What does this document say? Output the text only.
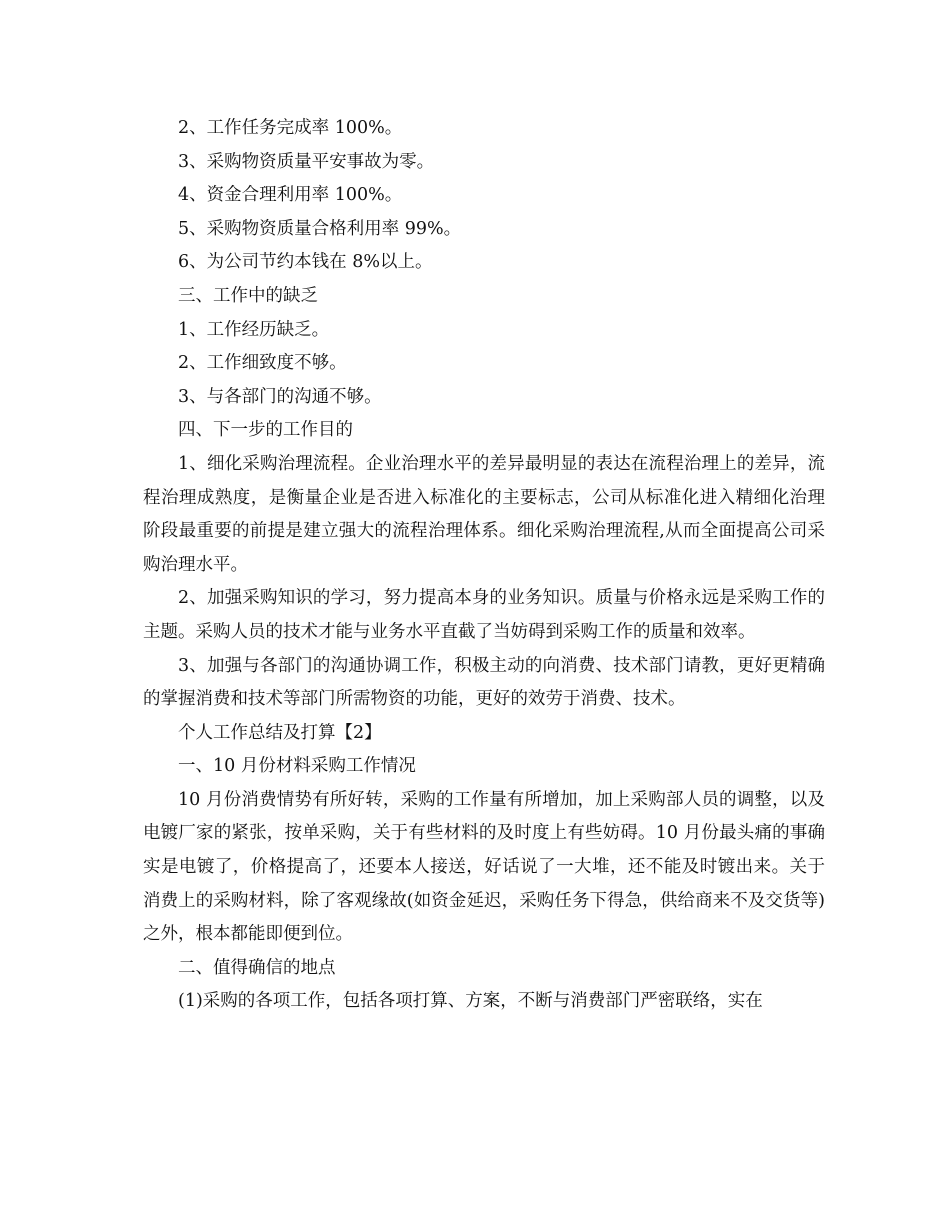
2、工作任务完成率 100%。

3、采购物资质量平安事故为零。

4、资金合理利用率 100%。

5、采购物资质量合格利用率 99%。

6、为公司节约本钱在 8%以上。

三、工作中的缺乏

1、工作经历缺乏。

2、工作细致度不够。

3、与各部门的沟通不够。

四、下一步的工作目的

1、细化采购治理流程。企业治理水平的差异最明显的表达在流程治理上的差异，流程治理成熟度，是衡量企业是否进入标准化的主要标志，公司从标准化进入精细化治理阶段最重要的前提是建立强大的流程治理体系。细化采购治理流程,从而全面提高公司采购治理水平。

2、加强采购知识的学习，努力提高本身的业务知识。质量与价格永远是采购工作的主题。采购人员的技术才能与业务水平直截了当妨碍到采购工作的质量和效率。

3、加强与各部门的沟通协调工作，积极主动的向消费、技术部门请教，更好更精确的掌握消费和技术等部门所需物资的功能，更好的效劳于消费、技术。

个人工作总结及打算【2】

一、10 月份材料采购工作情况

10 月份消费情势有所好转，采购的工作量有所增加，加上采购部人员的调整，以及电镀厂家的紧张，按单采购，关于有些材料的及时度上有些妨碍。10 月份最头痛的事确实是电镀了，价格提高了，还要本人接送，好话说了一大堆，还不能及时镀出来。关于消费上的采购材料，除了客观缘故(如资金延迟，采购任务下得急，供给商来不及交货等)之外，根本都能即便到位。

二、值得确信的地点

(1)采购的各项工作，包括各项打算、方案，不断与消费部门严密联络，实在
